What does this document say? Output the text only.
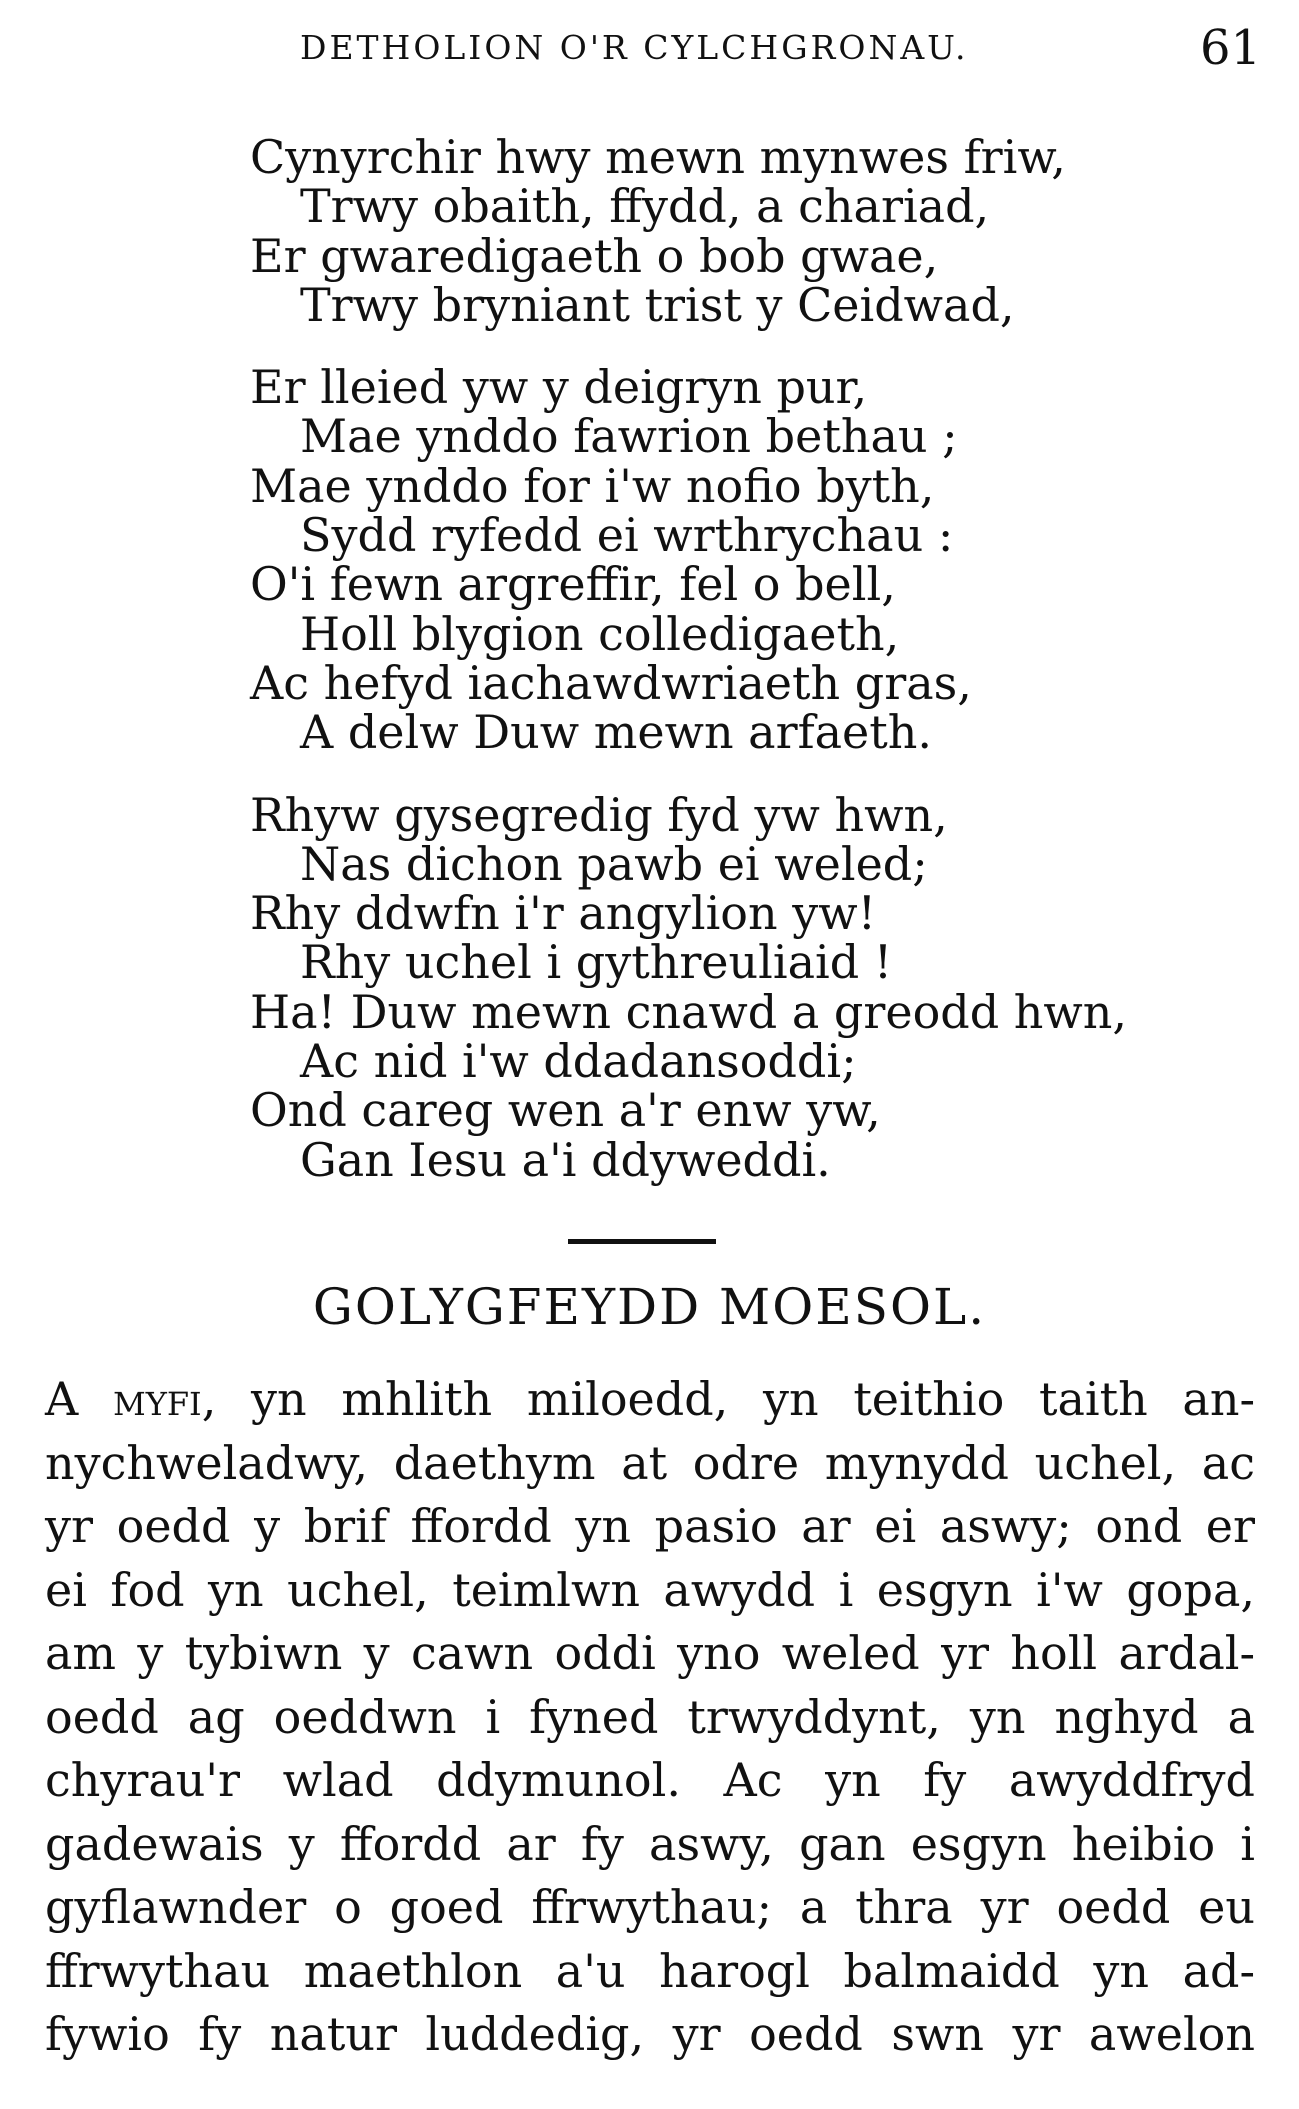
DETHOLION O'R CYLCHGRONAU.	61
Cynyrchir hwy mewn mynwes friw,
Trwy obaith, ffydd, a chariad,
Er gwaredigaeth o bob gwae,
Trwy bryniant trist y Ceidwad,
Er lleied yw y deigryn pur,
Mae ynddo fawrion bethau ;
Mae ynddo for i'w nofio byth,
Sydd ryfedd ei wrthrychau :
O'i fewn argreffir, fel o bell,
Holl blygion colledigaeth,
Ac hefyd iachawdwriaeth gras,
A delw Duw mewn arfaeth.
Rhyw gysegredig fyd yw hwn,
Nas dichon pawb ei weled;
Rhy ddwfn i'r angylion yw!
Rhy uchel i gythreuliaid !
Ha! Duw mewn cnawd a greodd hwn,
Ac nid i'w ddadansoddi;
Ond careg wen a'r enw yw,
Gan Iesu a'i ddyweddi.
GOLYGFEYDD MOESOL.
A myfi, yn mhlith miloedd, yn teithio taith an-
nychweladwy, daethym at odre mynydd uchel, ac
yr oedd y brif ffordd yn pasio ar ei aswy; ond er
ei fod yn uchel, teimlwn awydd i esgyn i'w gopa,
am y tybiwn y cawn oddi yno weled yr holl ardal-
oedd ag oeddwn i fyned trwyddynt, yn nghyd a
chyrau'r wlad ddymunol. Ac yn fy awyddfryd
gadewais y ffordd ar fy aswy, gan esgyn heibio i
gyflawnder o goed ffrwythau; a thra yr oedd eu
ffrwythau maethlon a'u harogl balmaidd yn ad-
fywio fy natur luddedig, yr oedd swn yr awelon
